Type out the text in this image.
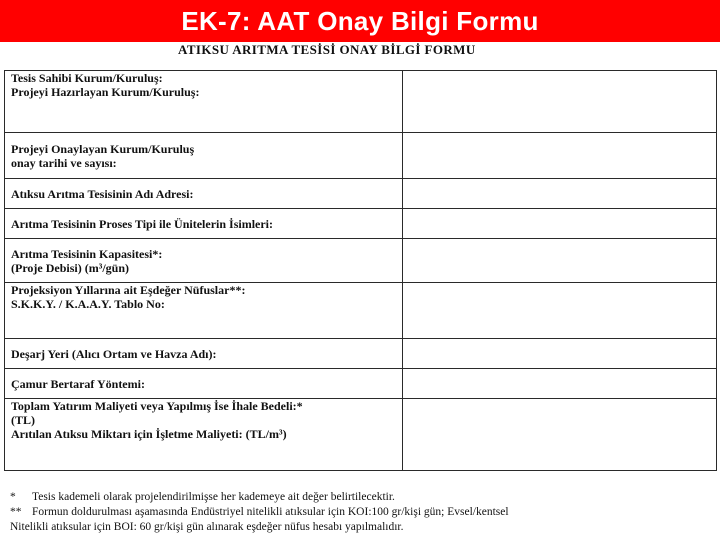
EK-7: AAT Onay Bilgi Formu
ATIKSU ARITMA TESİSİ ONAY BİLGİ FORMU

Tesis Sahibi Kurum/Kuruluş:

Projeyi Hazırlayan Kurum/Kuruluş:	

Projeyi Onaylayan Kurum/Kuruluş

onay tarihi ve sayısı:	

Atıksu Arıtma Tesisinin Adı Adresi:	
Arıtma Tesisinin Proses Tipi ile Ünitelerin İsimleri:	

Arıtma Tesisinin Kapasitesi*:

(Proje Debisi) (m³/gün)	

Projeksiyon Yıllarına ait Eşdeğer Nüfuslar**:

S.K.K.Y. / K.A.A.Y. Tablo No:	

Deşarj Yeri (Alıcı Ortam ve Havza Adı):	
Çamur Bertaraf Yöntemi:	

Toplam Yatırım Maliyeti veya Yapılmış İse İhale Bedeli:*

(TL)

Arıtılan Atıksu Miktarı için İşletme Maliyeti: (TL/m³)	

* Tesis kademeli olarak projelendirilmişse her kademeye ait değer belirtilecektir.

** Formun doldurulması aşamasında Endüstriyel nitelikli atıksular için KOI:100 gr/kişi gün; Evsel/kentsel

Nitelikli atıksular için BOI: 60 gr/kişi gün alınarak eşdeğer nüfus hesabı yapılmalıdır.
